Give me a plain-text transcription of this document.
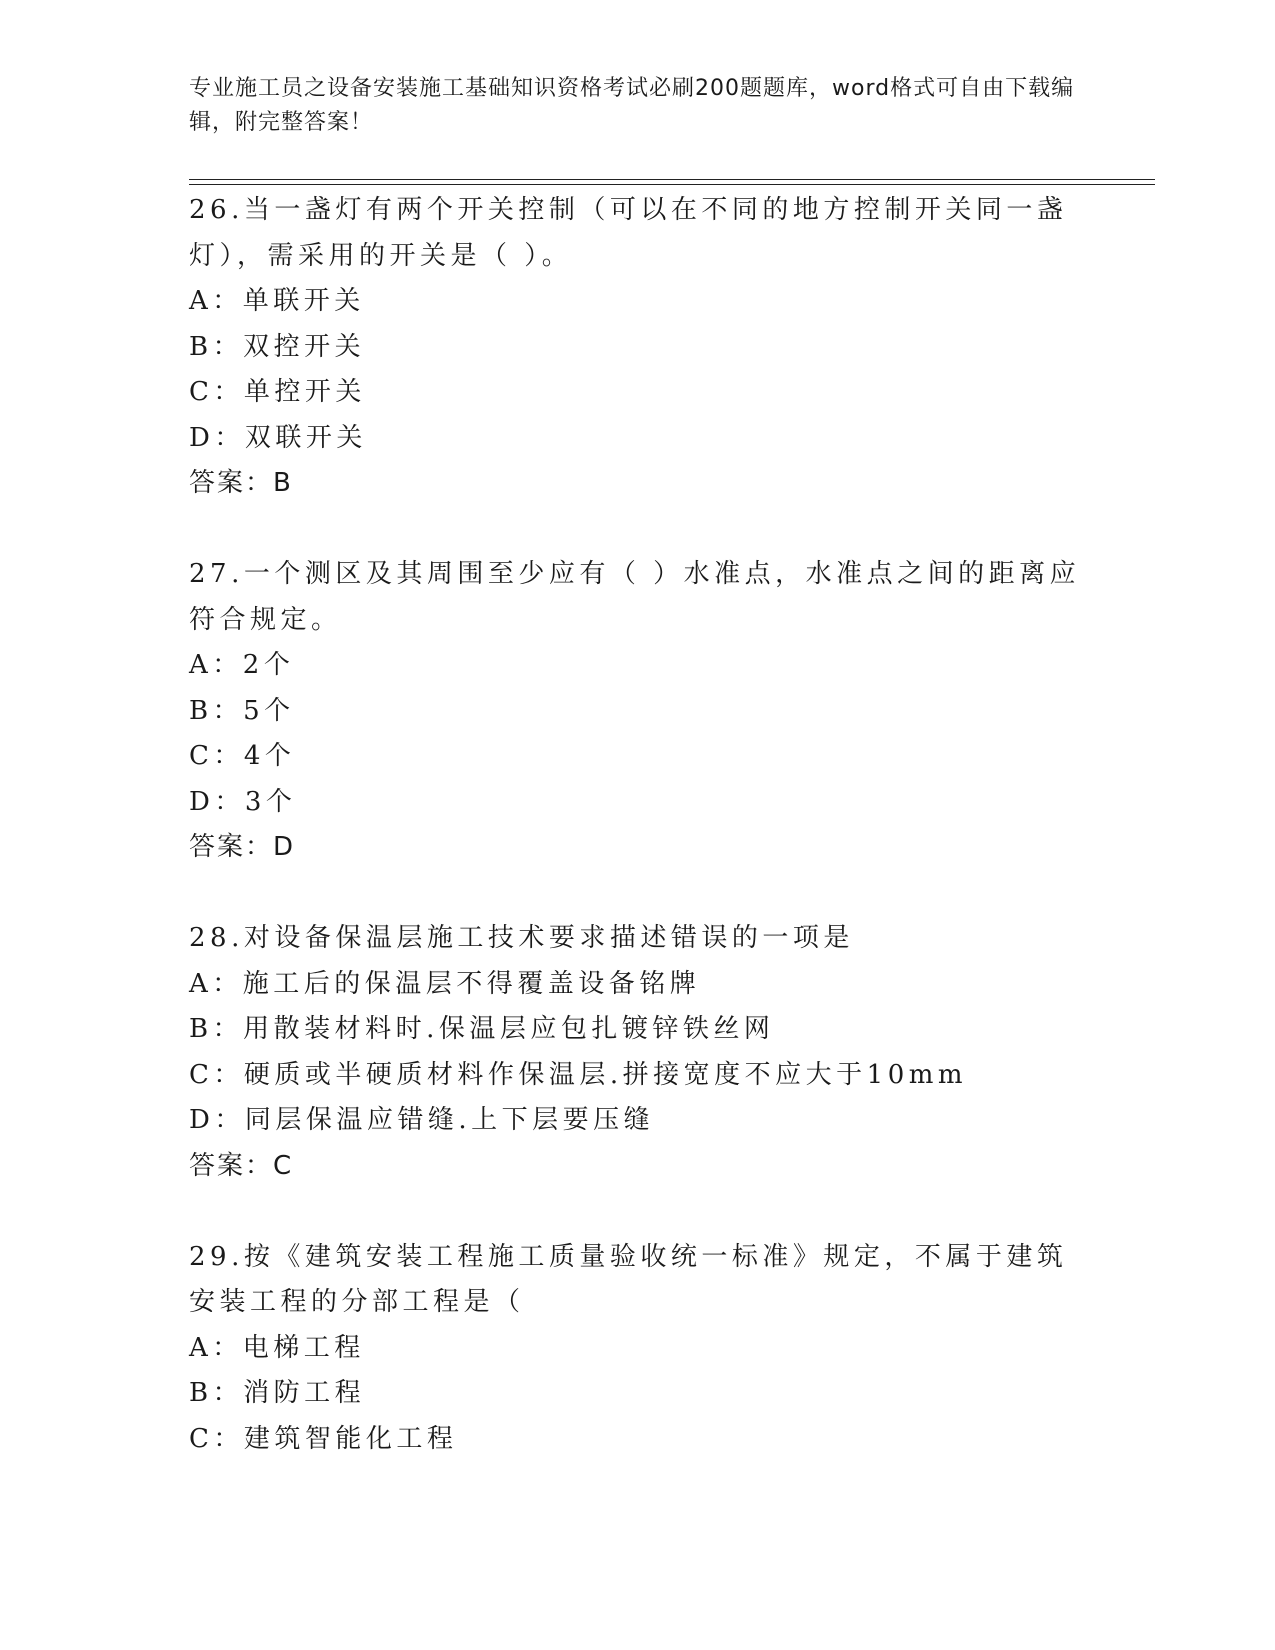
专业施工员之设备安装施工基础知识资格考试必刷200题题库，word格式可自由下载编辑，附完整答案！

26.当一盏灯有两个开关控制（可以在不同的地方控制开关同一盏灯），需采用的开关是（ ）。

A：单联开关

B：双控开关

C：单控开关

D：双联开关

答案：B

27.一个测区及其周围至少应有（ ）水准点，水准点之间的距离应符合规定。

A：2个

B：5个

C：4个

D：3个

答案：D

28.对设备保温层施工技术要求描述错误的一项是

A：施工后的保温层不得覆盖设备铭牌

B：用散装材料时.保温层应包扎镀锌铁丝网

C：硬质或半硬质材料作保温层.拼接宽度不应大于10mm

D：同层保温应错缝.上下层要压缝

答案：C

29.按《建筑安装工程施工质量验收统一标准》规定，不属于建筑安装工程的分部工程是（

A：电梯工程

B：消防工程

C：建筑智能化工程
